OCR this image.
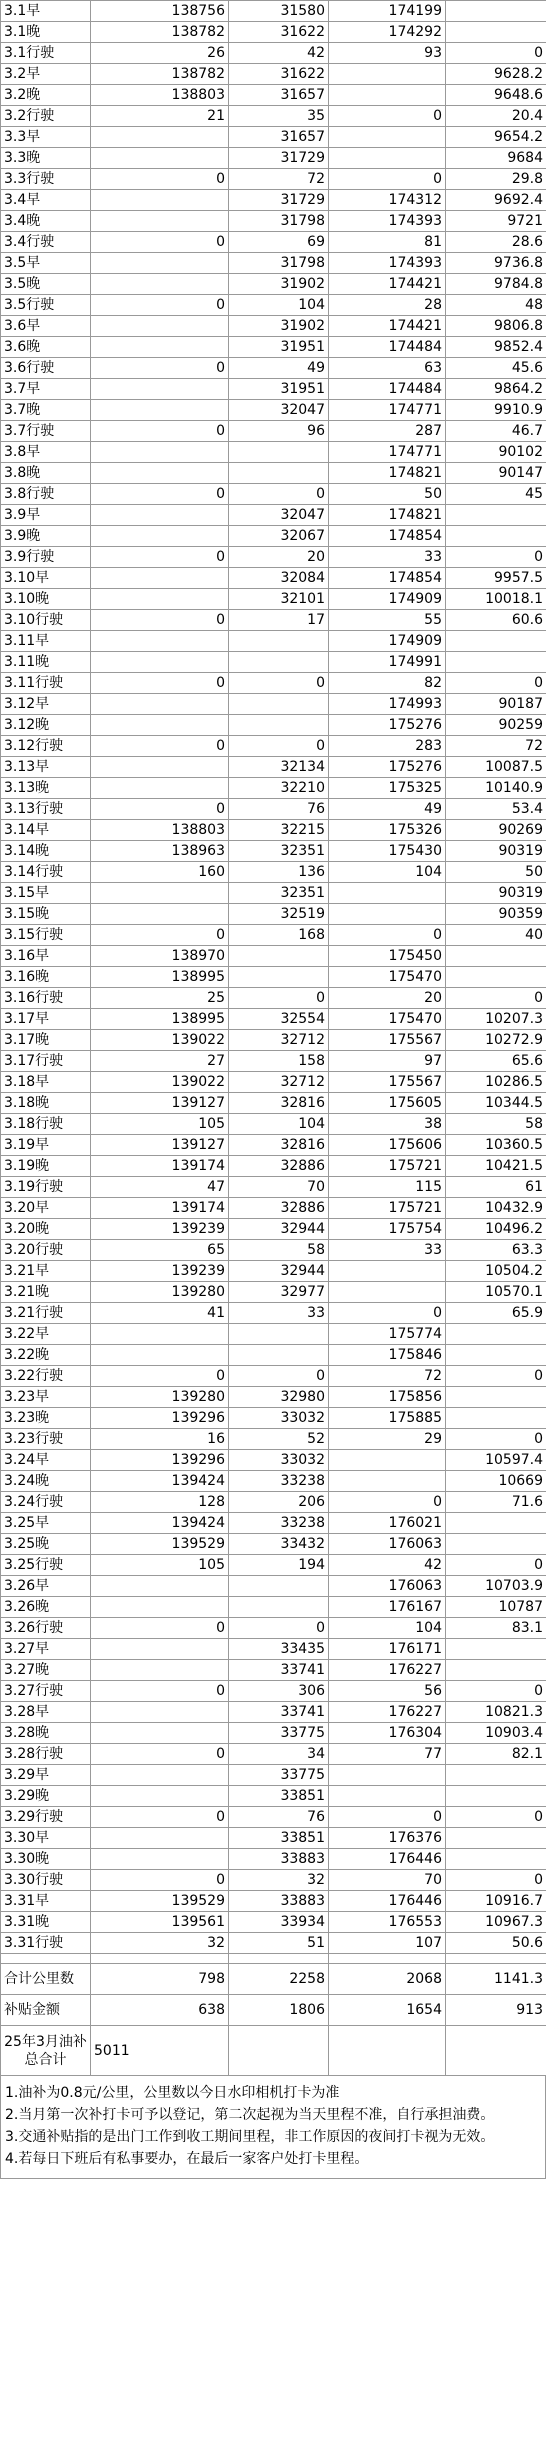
3.1早	138756	31580	174199	
3.1晚	138782	31622	174292	
3.1行驶	26	42	93	0
3.2早	138782	31622		9628.2
3.2晚	138803	31657		9648.6
3.2行驶	21	35	0	20.4
3.3早		31657		9654.2
3.3晚		31729		9684
3.3行驶	0	72	0	29.8
3.4早		31729	174312	9692.4
3.4晚		31798	174393	9721
3.4行驶	0	69	81	28.6
3.5早		31798	174393	9736.8
3.5晚		31902	174421	9784.8
3.5行驶	0	104	28	48
3.6早		31902	174421	9806.8
3.6晚		31951	174484	9852.4
3.6行驶	0	49	63	45.6
3.7早		31951	174484	9864.2
3.7晚		32047	174771	9910.9
3.7行驶	0	96	287	46.7
3.8早			174771	90102
3.8晚			174821	90147
3.8行驶	0	0	50	45
3.9早		32047	174821	
3.9晚		32067	174854	
3.9行驶	0	20	33	0
3.10早		32084	174854	9957.5
3.10晚		32101	174909	10018.1
3.10行驶	0	17	55	60.6
3.11早			174909	
3.11晚			174991	
3.11行驶	0	0	82	0
3.12早			174993	90187
3.12晚			175276	90259
3.12行驶	0	0	283	72
3.13早		32134	175276	10087.5
3.13晚		32210	175325	10140.9
3.13行驶	0	76	49	53.4
3.14早	138803	32215	175326	90269
3.14晚	138963	32351	175430	90319
3.14行驶	160	136	104	50
3.15早		32351		90319
3.15晚		32519		90359
3.15行驶	0	168	0	40
3.16早	138970		175450	
3.16晚	138995		175470	
3.16行驶	25	0	20	0
3.17早	138995	32554	175470	10207.3
3.17晚	139022	32712	175567	10272.9
3.17行驶	27	158	97	65.6
3.18早	139022	32712	175567	10286.5
3.18晚	139127	32816	175605	10344.5
3.18行驶	105	104	38	58
3.19早	139127	32816	175606	10360.5
3.19晚	139174	32886	175721	10421.5
3.19行驶	47	70	115	61
3.20早	139174	32886	175721	10432.9
3.20晚	139239	32944	175754	10496.2
3.20行驶	65	58	33	63.3
3.21早	139239	32944		10504.2
3.21晚	139280	32977		10570.1
3.21行驶	41	33	0	65.9
3.22早			175774	
3.22晚			175846	
3.22行驶	0	0	72	0
3.23早	139280	32980	175856	
3.23晚	139296	33032	175885	
3.23行驶	16	52	29	0
3.24早	139296	33032		10597.4
3.24晚	139424	33238		10669
3.24行驶	128	206	0	71.6
3.25早	139424	33238	176021	
3.25晚	139529	33432	176063	
3.25行驶	105	194	42	0
3.26早			176063	10703.9
3.26晚			176167	10787
3.26行驶	0	0	104	83.1
3.27早		33435	176171	
3.27晚		33741	176227	
3.27行驶	0	306	56	0
3.28早		33741	176227	10821.3
3.28晚		33775	176304	10903.4
3.28行驶	0	34	77	82.1
3.29早		33775		
3.29晚		33851		
3.29行驶	0	76	0	0
3.30早		33851	176376	
3.30晚		33883	176446	
3.30行驶	0	32	70	0
3.31早	139529	33883	176446	10916.7
3.31晚	139561	33934	176553	10967.3
3.31行驶	32	51	107	50.6

合计公里数	798	2258	2068	1141.3
补贴金额	638	1806	1654	913
25年3月油补总合计	5011			
1.油补为0.8元/公里，公里数以今日水印相机打卡为准
2.当月第一次补打卡可予以登记，第二次起视为当天里程不准，自行承担油费。
3.交通补贴指的是出门工作到收工期间里程，非工作原因的夜间打卡视为无效。
4.若每日下班后有私事要办，在最后一家客户处打卡里程。
